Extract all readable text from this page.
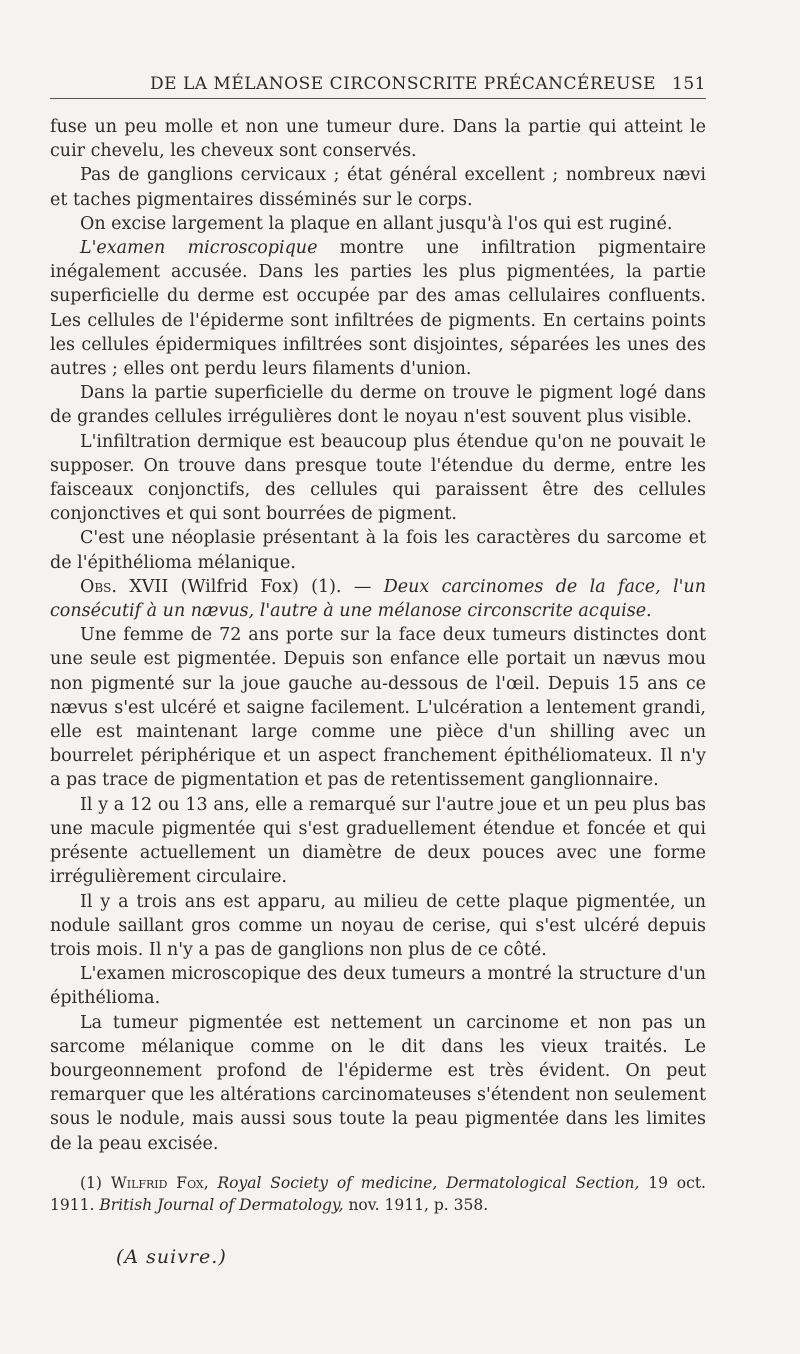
DE LA MÉLANOSE CIRCONSCRITE PRÉCANCÉREUSE 151

fuse un peu molle et non une tumeur dure. Dans la partie qui atteint le cuir chevelu, les cheveux sont conservés.

Pas de ganglions cervicaux ; état général excellent ; nombreux nævi et taches pigmentaires disséminés sur le corps.

On excise largement la plaque en allant jusqu'à l'os qui est ruginé.

L'examen microscopique montre une infiltration pigmentaire inégalement accusée. Dans les parties les plus pigmentées, la partie superficielle du derme est occupée par des amas cellulaires confluents. Les cellules de l'épiderme sont infiltrées de pigments. En certains points les cellules épidermiques infiltrées sont disjointes, séparées les unes des autres ; elles ont perdu leurs filaments d'union.

Dans la partie superficielle du derme on trouve le pigment logé dans de grandes cellules irrégulières dont le noyau n'est souvent plus visible.

L'infiltration dermique est beaucoup plus étendue qu'on ne pouvait le supposer. On trouve dans presque toute l'étendue du derme, entre les faisceaux conjonctifs, des cellules qui paraissent être des cellules conjonctives et qui sont bourrées de pigment.

C'est une néoplasie présentant à la fois les caractères du sarcome et de l'épithélioma mélanique.

Obs. XVII (Wilfrid Fox) (1). — Deux carcinomes de la face, l'un consécutif à un nævus, l'autre à une mélanose circonscrite acquise.

Une femme de 72 ans porte sur la face deux tumeurs distinctes dont une seule est pigmentée. Depuis son enfance elle portait un nævus mou non pigmenté sur la joue gauche au-dessous de l'œil. Depuis 15 ans ce nævus s'est ulcéré et saigne facilement. L'ulcération a lentement grandi, elle est maintenant large comme une pièce d'un shilling avec un bourrelet périphérique et un aspect franchement épithéliomateux. Il n'y a pas trace de pigmentation et pas de retentissement ganglionnaire.

Il y a 12 ou 13 ans, elle a remarqué sur l'autre joue et un peu plus bas une macule pigmentée qui s'est graduellement étendue et foncée et qui présente actuellement un diamètre de deux pouces avec une forme irrégulièrement circulaire.

Il y a trois ans est apparu, au milieu de cette plaque pigmentée, un nodule saillant gros comme un noyau de cerise, qui s'est ulcéré depuis trois mois. Il n'y a pas de ganglions non plus de ce côté.

L'examen microscopique des deux tumeurs a montré la structure d'un épithélioma.

La tumeur pigmentée est nettement un carcinome et non pas un sarcome mélanique comme on le dit dans les vieux traités. Le bourgeonnement profond de l'épiderme est très évident. On peut remarquer que les altérations carcinomateuses s'étendent non seulement sous le nodule, mais aussi sous toute la peau pigmentée dans les limites de la peau excisée.

(1) Wilfrid Fox, Royal Society of medicine, Dermatological Section, 19 oct. 1911. British Journal of Dermatology, nov. 1911, p. 358.

(A suivre.)
